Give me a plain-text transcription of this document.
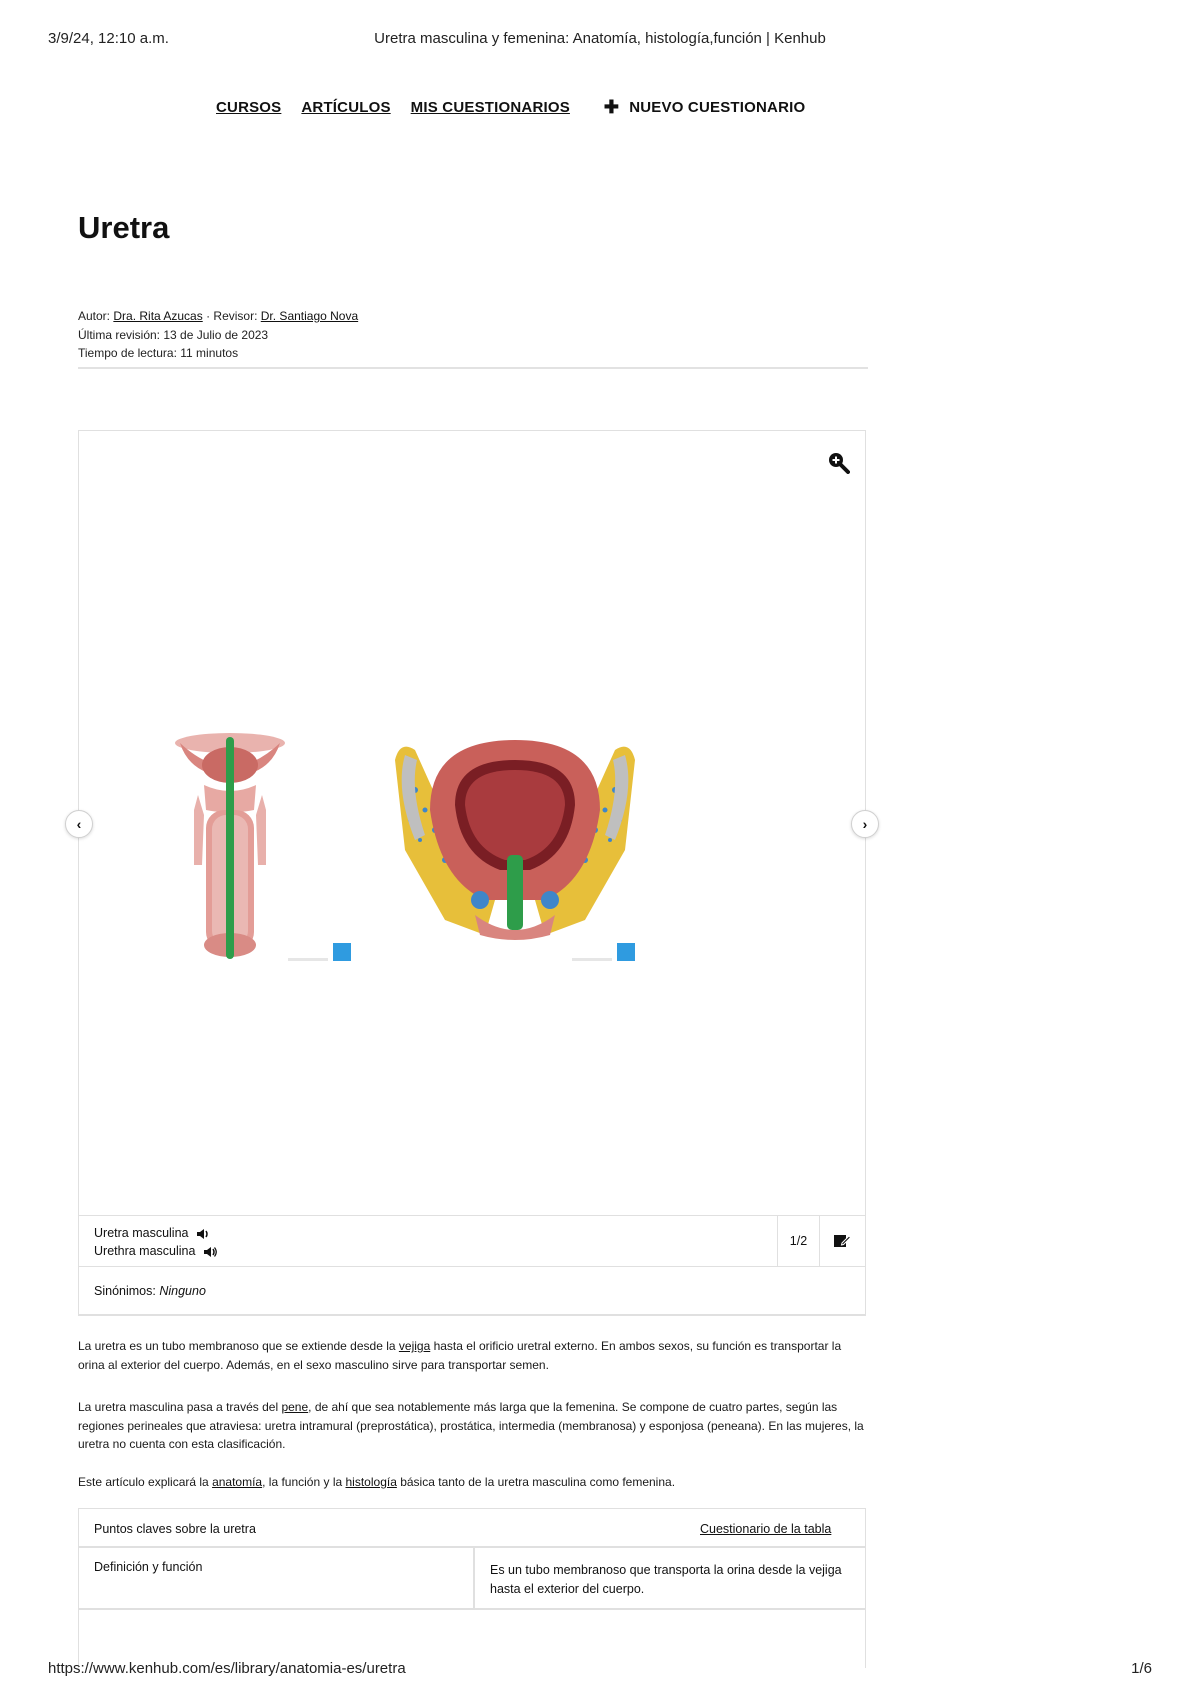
3/9/24, 12:10 a.m.	Uretra masculina y femenina: Anatomía, histología,función | Kenhub
CURSOS ARTÍCULOS MIS CUESTIONARIOS ✚ NUEVO CUESTIONARIO
Uretra
Autor: Dra. Rita Azucas · Revisor: Dr. Santiago Nova
Última revisión: 13 de Julio de 2023
Tiempo de lectura: 11 minutos
‹	›
Uretra masculina
Urethra masculina
1/2
Sinónimos: Ninguno

La uretra es un tubo membranoso que se extiende desde la vejiga hasta el orificio uretral externo. En ambos sexos, su función es transportar la orina al exterior del cuerpo. Además, en el sexo masculino sirve para transportar semen.

La uretra masculina pasa a través del pene, de ahí que sea notablemente más larga que la femenina. Se compone de cuatro partes, según las regiones perineales que atraviesa: uretra intramural (preprostática), prostática, intermedia (membranosa) y esponjosa (peneana). En las mujeres, la uretra no cuenta con esta clasificación.

Este artículo explicará la anatomía, la función y la histología básica tanto de la uretra masculina como femenina.

Puntos claves sobre la uretra	Cuestionario de la tabla
Definición y función	Es un tubo membranoso que transporta la orina desde la vejiga hasta el exterior del cuerpo.
https://www.kenhub.com/es/library/anatomia-es/uretra	1/6
